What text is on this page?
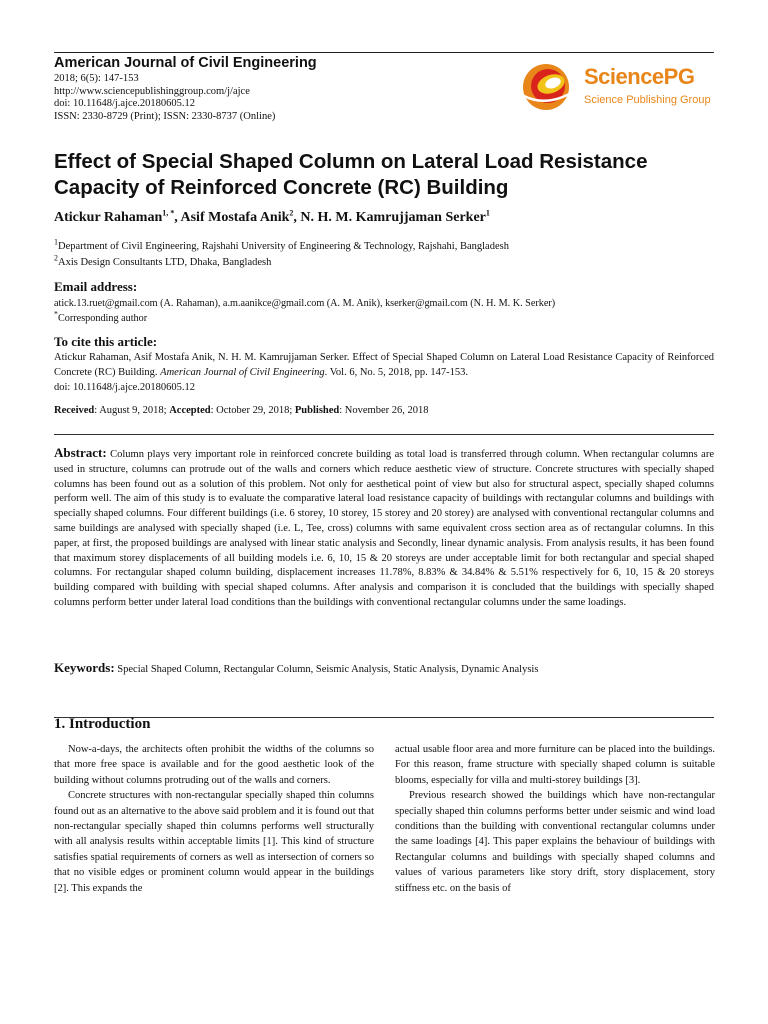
American Journal of Civil Engineering
2018; 6(5): 147-153
http://www.sciencepublishinggroup.com/j/ajce
doi: 10.11648/j.ajce.20180605.12
ISSN: 2330-8729 (Print); ISSN: 2330-8737 (Online)
SciencePG
Science Publishing Group
Effect of Special Shaped Column on Lateral Load Resistance Capacity of Reinforced Concrete (RC) Building
Atickur Rahaman$^{1, *}$, Asif Mostafa Anik$^2$, N. H. M. Kamrujjaman Serker$^1$
$^1$Department of Civil Engineering, Rajshahi University of Engineering & Technology, Rajshahi, Bangladesh
$^2$Axis Design Consultants LTD, Dhaka, Bangladesh
Email address:
atick.13.ruet@gmail.com (A. Rahaman), a.m.aanikce@gmail.com (A. M. Anik), kserker@gmail.com (N. H. M. K. Serker)
*Corresponding author
To cite this article:
Atickur Rahaman, Asif Mostafa Anik, N. H. M. Kamrujjaman Serker. Effect of Special Shaped Column on Lateral Load Resistance Capacity of Reinforced Concrete (RC) Building. American Journal of Civil Engineering. Vol. 6, No. 5, 2018, pp. 147-153.
doi: 10.11648/j.ajce.20180605.12
Received: August 9, 2018; Accepted: October 29, 2018; Published: November 26, 2018
Abstract: Column plays very important role in reinforced concrete building as total load is transferred through column. When rectangular columns are used in structure, columns can protrude out of the walls and corners which reduce aesthetic view of structure. Concrete structures with specially shaped columns has been found out as a solution of this problem. Not only for aesthetical point of view but also for structural aspect, specially shaped columns perform well. The aim of this study is to evaluate the comparative lateral load resistance capacity of buildings with rectangular columns and buildings with specially shaped columns. Four different buildings (i.e. 6 storey, 10 storey, 15 storey and 20 storey) are analysed with conventional rectangular columns and same buildings are analysed with specially shaped (i.e. L, Tee, cross) columns with same equivalent cross section area as of rectangular columns. In this paper, at first, the proposed buildings are analysed with linear static analysis and Secondly, linear dynamic analysis. From analysis results, it has been found that maximum storey displacements of all building models i.e. 6, 10, 15 & 20 storeys are under acceptable limit for both rectangular and special shaped columns. For rectangular shaped column building, displacement increases 11.78%, 8.83% & 34.84% & 5.51% respectively for 6, 10, 15 & 20 storeys building compared with building with special shaped columns. After analysis and comparison it is concluded that the buildings with specially shaped columns perform better under lateral load conditions than the buildings with conventional rectangular columns under the same loadings.
Keywords: Special Shaped Column, Rectangular Column, Seismic Analysis, Static Analysis, Dynamic Analysis
1. Introduction

Now-a-days, the architects often prohibit the widths of the columns so that more free space is available and for the good aesthetic look of the building without columns protruding out of the walls and corners.

Concrete structures with non-rectangular specially shaped thin columns found out as an alternative to the above said problem and it is found out that non-rectangular specially shaped thin columns performs well structurally with all analysis results within acceptable limits [1]. This kind of structure satisfies spatial requirements of corners as well as intersection of corners so that no visible edges or prominent column would appear in the buildings [2]. This expands the

actual usable floor area and more furniture can be placed into the buildings. For this reason, frame structure with specially shaped column is suitable blooms, especially for villa and multi-storey buildings [3].

Previous research showed the buildings which have non-rectangular specially shaped thin columns performs better under seismic and wind load conditions than the building with conventional rectangular columns under the same loadings [4]. This paper explains the behaviour of buildings with Rectangular columns and buildings with specially shaped columns and values of various parameters like story drift, story displacement, story stiffness etc. on the basis of
